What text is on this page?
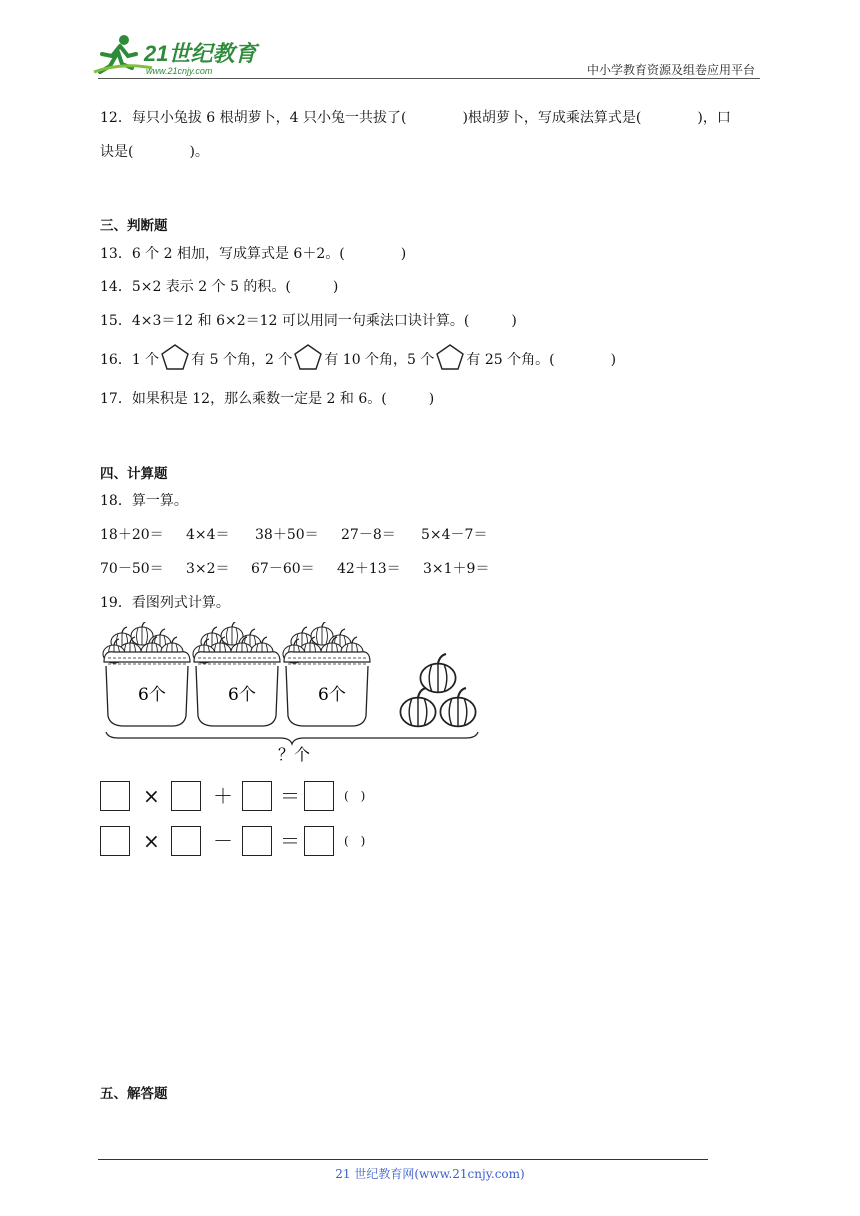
21世纪教育
www.21cnjy.com	中小学教育资源及组卷应用平台
12．每只小兔拔 6 根胡萝卜，4 只小兔一共拔了(　　　　)根胡萝卜，写成乘法算式是(　　　　)，口
诀是(　　　　)。
三、判断题
13．6 个 2 相加，写成算式是 6＋2。(　　　　)
14．5×2 表示 2 个 5 的积。(　　　)
15．4×3＝12 和 6×2＝12 可以用同一句乘法口诀计算。(　　　)
16．1 个 有 5 个角，2 个 有 10 个角，5 个 有 25 个角。(　　　　)
17．如果积是 12，那么乘数一定是 2 和 6。(　　　)
四、计算题
18．算一算。
18＋20＝ 4×4＝ 38＋50＝ 27－8＝ 5×4－7＝
70－50＝ 3×2＝ 67－60＝ 42＋13＝ 3×1＋9＝
19．看图列式计算。
6个	6个	6个
？个
×	＋ ＝	(　)
×	－ ＝	(　)
五、解答题
21 世纪教育网(www.21cnjy.com)
